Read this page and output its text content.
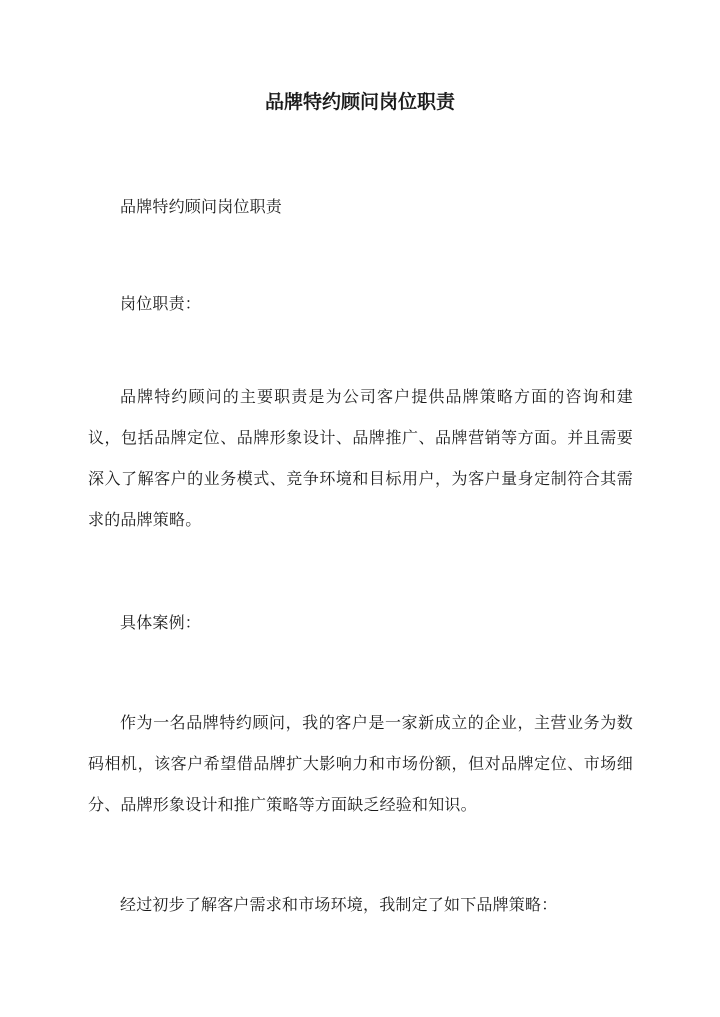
品牌特约顾问岗位职责

品牌特约顾问岗位职责

岗位职责：

品牌特约顾问的主要职责是为公司客户提供品牌策略方面的咨询和建议，包括品牌定位、品牌形象设计、品牌推广、品牌营销等方面。并且需要深入了解客户的业务模式、竞争环境和目标用户，为客户量身定制符合其需求的品牌策略。

具体案例：

作为一名品牌特约顾问，我的客户是一家新成立的企业，主营业务为数码相机，该客户希望借品牌扩大影响力和市场份额，但对品牌定位、市场细分、品牌形象设计和推广策略等方面缺乏经验和知识。

经过初步了解客户需求和市场环境，我制定了如下品牌策略：
